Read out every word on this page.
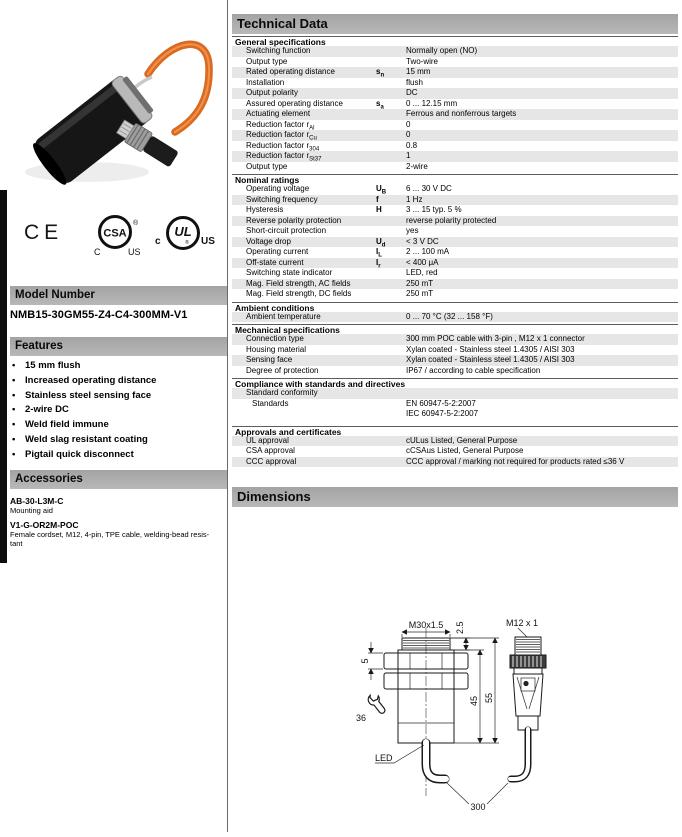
CE	CSA
®
C	US
c
UL
® US
Model Number
NMB15-30GM55-Z4-C4-300MM-V1
Features
•	15 mm flush
•	Increased operating distance
•	Stainless steel sensing face
•	2-wire DC
•	Weld field immune
•	Weld slag resistant coating
•	Pigtail quick disconnect
Accessories
AB-30-L3M-C
Mounting aid
V1-G-OR2M-POC
Female cordset, M12, 4-pin, TPE cable, welding-bead resis-
tant
Technical Data
General specifications
Switching function	Normally open (NO)
Output type	Two-wire
Rated operating distance	$s_n$	15 mm
Installation	flush
Output polarity	DC
Assured operating distance	$s_a$	0 ... 12.15 mm
Actuating element	Ferrous and nonferrous targets
Reduction factor $r_{Al}$	0
Reduction factor $r_{Cu}$	0
Reduction factor $r_{304}$	0.8
Reduction factor $r_{St37}$	1
Output type	2-wire
Nominal ratings
Operating voltage	$U_B$	6 ... 30 V DC
Switching frequency	f	1 Hz
Hysteresis	H	3 ... 15 typ. 5 %
Reverse polarity protection	reverse polarity protected
Short-circuit protection	yes
Voltage drop	$U_d$	< 3 V DC
Operating current	$I_L$	2 ... 100 mA
Off-state current	$I_r$	< 400 μA
Switching state indicator	LED, red
Mag. Field strength, AC fields	250 mT
Mag. Field strength, DC fields	250 mT
Ambient conditions
Ambient temperature	0 ... 70 °C (32 ... 158 °F)
Mechanical specifications
Connection type	300 mm POC cable with 3-pin , M12 x 1 connector
Housing material	Xylan coated - Stainless steel 1.4305 / AISI 303
Sensing face	Xylan coated - Stainless steel 1.4305 / AISI 303
Degree of protection	IP67 / according to cable specification
Compliance with standards and directives
Standard conformity
Standards	EN 60947-5-2:2007
IEC 60947-5-2:2007
Approvals and certificates
UL approval	cULus Listed, General Purpose
CSA approval	cCSAus Listed, General Purpose
CCC approval	CCC approval / marking not required for products rated ≤36 V
Dimensions
M30x1.5 2.5
45 55
5
36
LED
300
M12 x 1
